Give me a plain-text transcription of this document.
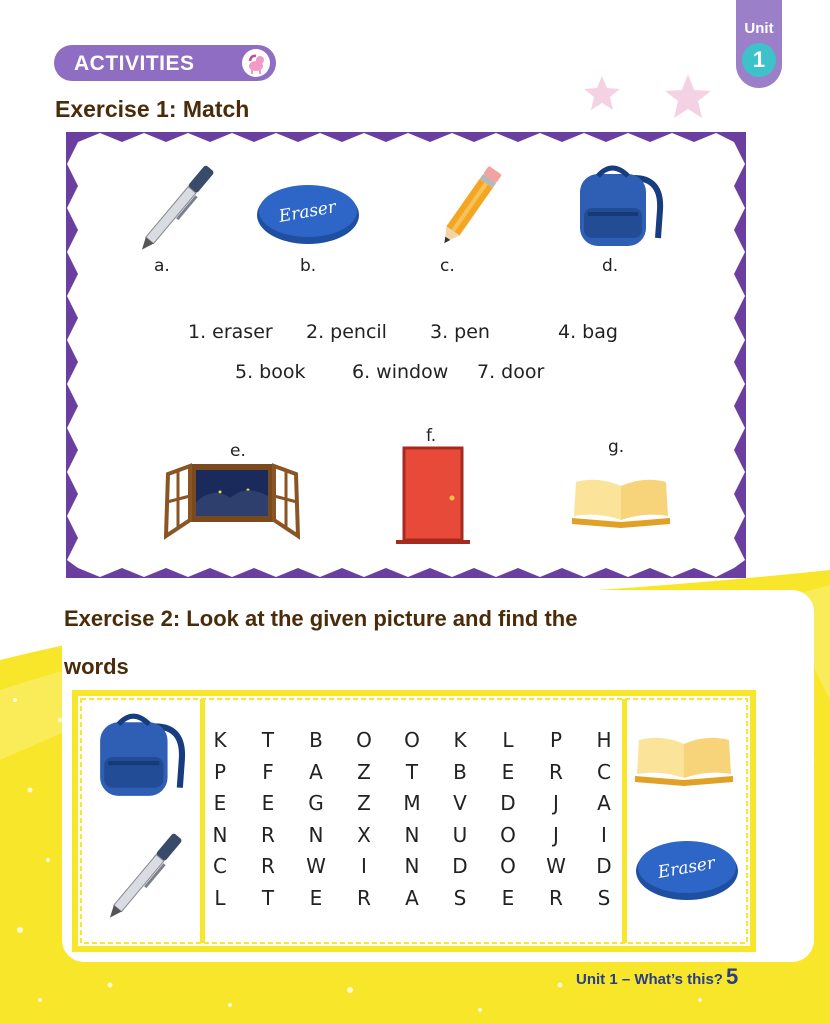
Unit
1
ACTIVITIES
Exercise 1: Match
Eraser
a.	b.	c.	d.
1. eraser 2. pencil 3. pen	4. bag
5. book 6. window 7. door
e.
f.
g.
Exercise 2: Look at the given picture and find the
words
Eraser
K	T	B	O	O	K	L	P	H
P	F	A	Z	T	B	E	R	C
E	E	G	Z	M	V	D	J	A
N	R	N	X	N	U	O	J	I
C	R	W	I	N	D	O	W	D
L	T	E	R	A	S	E	R	S
Unit 1 – What’s this? 5
